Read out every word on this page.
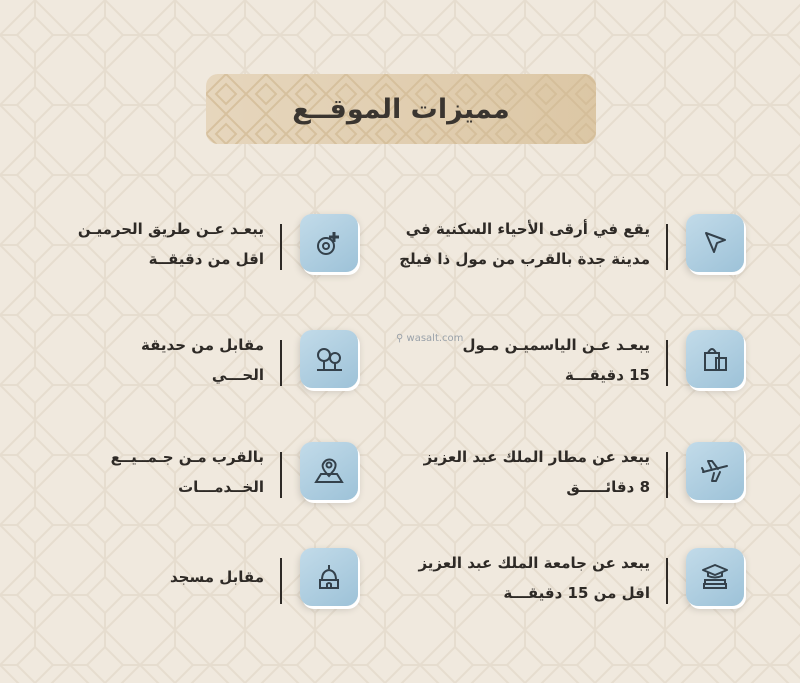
مميزات الموقــع
⚲ wasalt.com
يقع في أرقى الأحياء السكنية في
مدينة جدة بالقرب من مول ذا فيلج
يبعـد عـن طريق الحرميـن
اقل من دقيقــة
يبعـد عـن الياسميـن مـول
15 دقيقـــة
مقابل من حديقة
الحـــي
يبعد عن مطار الملك عبد العزيز
8 دقائـــــق
بالقرب مـن جـمــيــع
الخــدمـــات
يبعد عن جامعة الملك عبد العزيز
اقل من 15 دقيقـــة
مقابل مسجد
